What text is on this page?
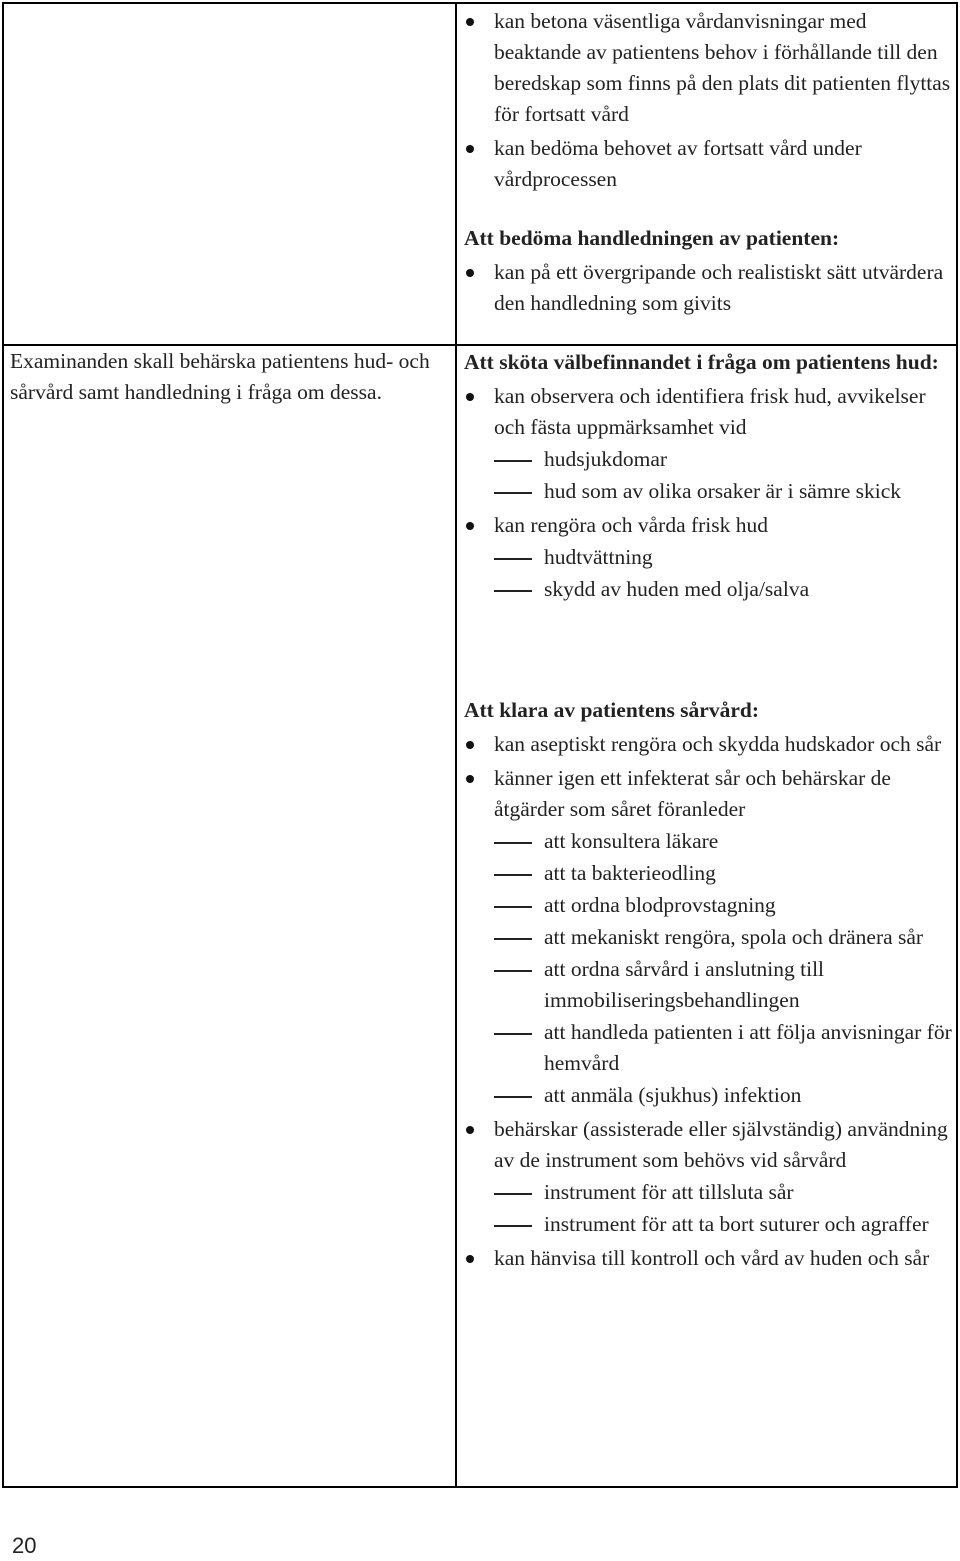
Examinanden skall behärska patientens hud- och sårvård samt handledning i fråga om dessa.
kan betona väsentliga vårdanvisningar med beaktande av patientens behov i förhållande till den beredskap som finns på den plats dit patienten flyttas för fortsatt vård
kan bedöma behovet av fortsatt vård under vårdprocessen
Att bedöma handledningen av patienten:
kan på ett övergripande och realistiskt sätt utvärdera den handledning som givits
Att sköta välbefinnandet i fråga om patientens hud:
kan observera och identifiera frisk hud, avvikelser och fästa uppmärksamhet vid
hudsjukdomar
hud som av olika orsaker är i sämre skick
kan rengöra och vårda frisk hud
hudtvättning
skydd av huden med olja/salva
Att klara av patientens sårvård:
kan aseptiskt rengöra och skydda hudskador och sår
känner igen ett infekterat sår och behärskar de åtgärder som såret föranleder
att konsultera läkare
att ta bakterieodling
att ordna blodprovstagning
att mekaniskt rengöra, spola och dränera sår
att ordna sårvård i anslutning till immobiliseringsbehandlingen
att handleda patienten i att följa anvisningar för hemvård
att anmäla (sjukhus) infektion
behärskar (assisterade eller självständig) användning av de instrument som behövs vid sårvård
instrument för att tillsluta sår
instrument för att ta bort suturer och agraffer
kan hänvisa till kontroll och vård av huden och sår
20
